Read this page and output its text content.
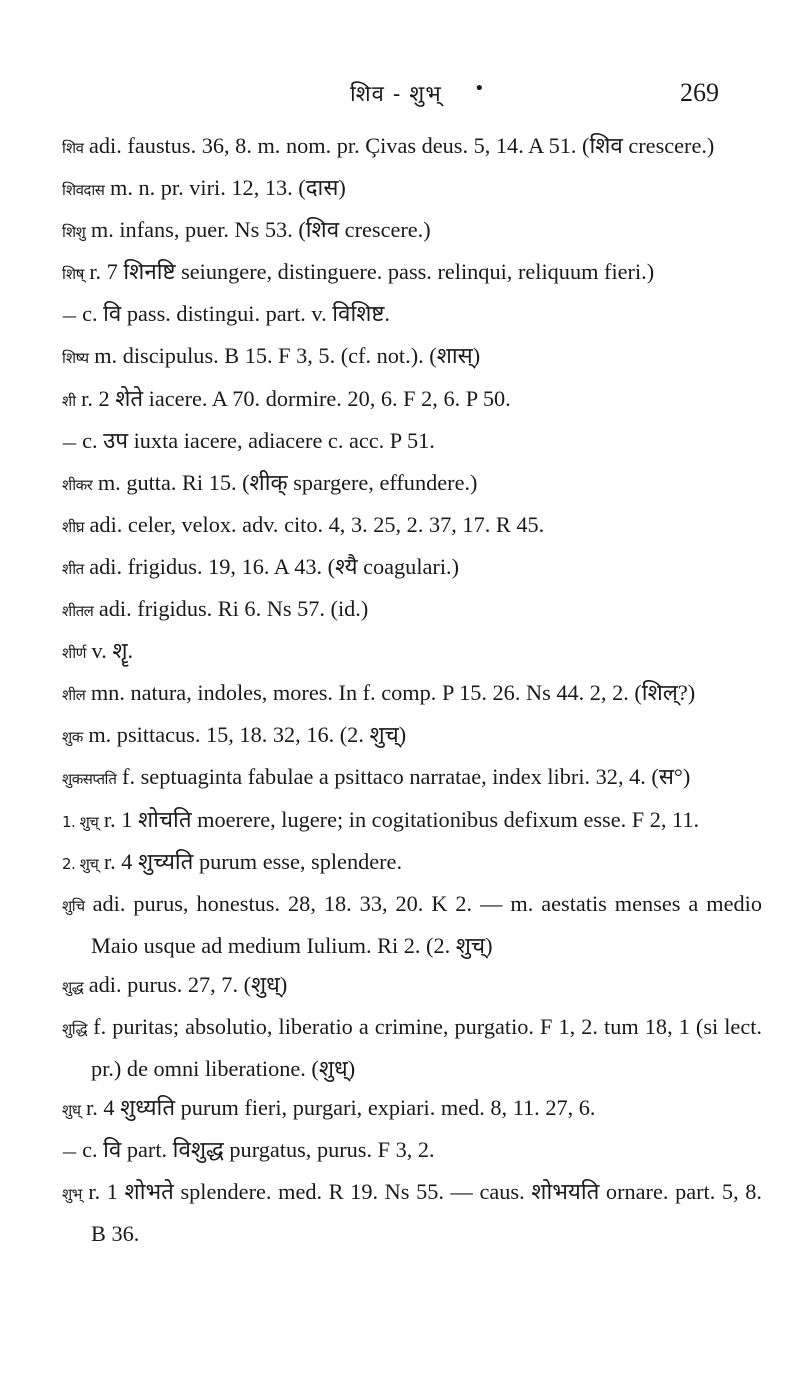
शिव - शुभ् •	269

शिव adi. faustus. 36, 8. m. nom. pr. Çivas deus. 5, 14. A 51. (शिव crescere.)

शिवदास m. n. pr. viri. 12, 13. (दास)

शिशु m. infans, puer. Ns 53. (शिव crescere.)

शिष् r. 7 शिनष्टि seiungere, distinguere. pass. relinqui, reliquum fieri.)

— c. वि pass. distingui. part. v. विशिष्ट.

शिष्य m. discipulus. B 15. F 3, 5. (cf. not.). (शास्)

शी r. 2 शेते iacere. A 70. dormire. 20, 6. F 2, 6. P 50.

— c. उप iuxta iacere, adiacere c. acc. P 51.

शीकर m. gutta. Ri 15. (शीक् spargere, effundere.)

शीघ्र adi. celer, velox. adv. cito. 4, 3. 25, 2. 37, 17. R 45.

शीत adi. frigidus. 19, 16. A 43. (श्यै coagulari.)

शीतल adi. frigidus. Ri 6. Ns 57. (id.)

शीर्ण v. शॄ.

शील mn. natura, indoles, mores. In f. comp. P 15. 26. Ns 44. 2, 2. (शिल्?)

शुक m. psittacus. 15, 18. 32, 16. (2. शुच्)

शुकसप्तति f. septuaginta fabulae a psittaco narratae, index libri. 32, 4. (स°)

1. शुच् r. 1 शोचति moerere, lugere; in cogitationibus defixum esse. F 2, 11.

2. शुच् r. 4 शुच्यति purum esse, splendere.

शुचि adi. purus, honestus. 28, 18. 33, 20. K 2. — m. aestatis menses a medio Maio usque ad medium Iulium. Ri 2. (2. शुच्)

शुद्ध adi. purus. 27, 7. (शुध्)

शुद्धि f. puritas; absolutio, liberatio a crimine, purgatio. F 1, 2. tum 18, 1 (si lect. pr.) de omni liberatione. (शुध्)

शुध् r. 4 शुध्यति purum fieri, purgari, expiari. med. 8, 11. 27, 6.

— c. वि part. विशुद्ध purgatus, purus. F 3, 2.

शुभ् r. 1 शोभते splendere. med. R 19. Ns 55. — caus. शोभयति ornare. part. 5, 8. B 36.
